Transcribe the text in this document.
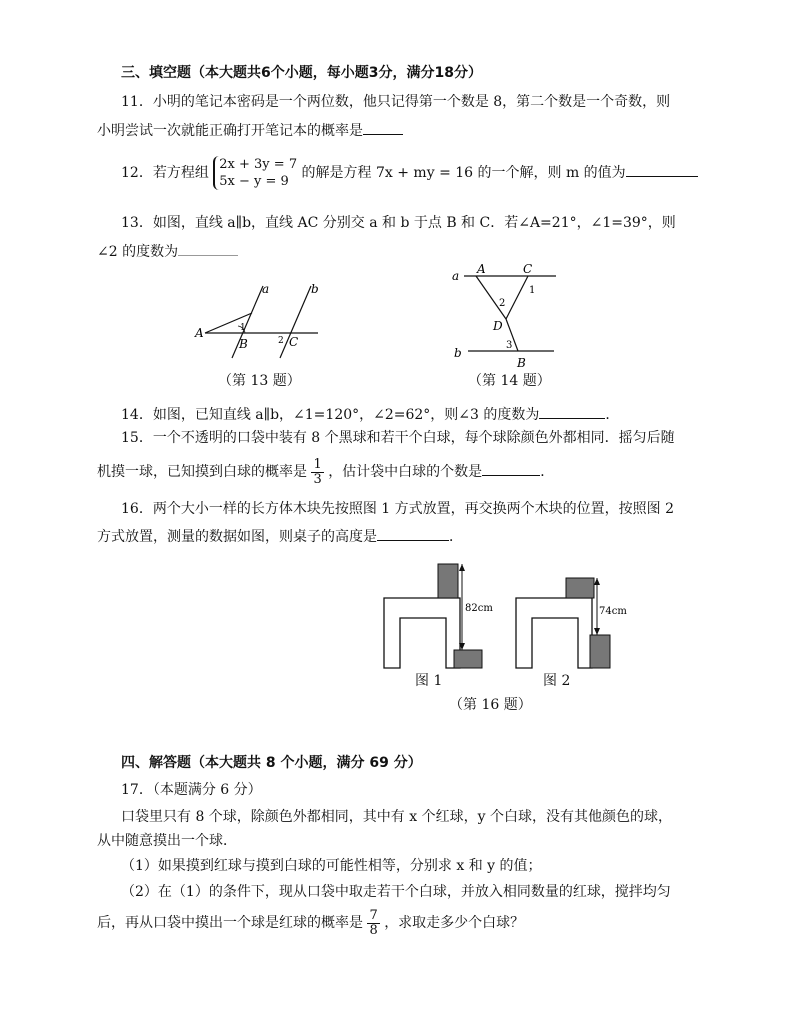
三、填空题（本大题共6个小题，每小题3分，满分18分）
11．小明的笔记本密码是一个两位数，他只记得第一个数是 8，第二个数是一个奇数，则
小明尝试一次就能正确打开笔记本的概率是
12．若方程组
2x + 3y = 7
5x − y = 9
的解是方程 7x + my = 16 的一个解，则 m 的值为
13．如图，直线 a∥b，直线 AC 分别交 a 和 b 于点 B 和 C．若∠A=21°，∠1=39°，则
∠2 的度数为
a	b
A
B	C
1
2
（第 13 题）
a
b
A	C
D
B
1
2
3
（第 14 题）
14．如图，已知直线 a∥b，∠1=120°，∠2=62°，则∠3 的度数为	．
15．一个不透明的口袋中装有 8 个黑球和若干个白球，每个球除颜色外都相同．摇匀后随
机摸一球，已知摸到白球的概率是 $\frac{1}{3}$ ，估计袋中白球的个数是	．
16．两个大小一样的长方体木块先按照图 1 方式放置，再交换两个木块的位置，按照图 2
方式放置，测量的数据如图，则桌子的高度是	．
82cm	74cm
图 1	图 2
（第 16 题）
四、解答题（本大题共 8 个小题，满分 69 分）
17．（本题满分 6 分）
口袋里只有 8 个球，除颜色外都相同，其中有 x 个红球，y 个白球，没有其他颜色的球，
从中随意摸出一个球．
（1）如果摸到红球与摸到白球的可能性相等，分别求 x 和 y 的值；
（2）在（1）的条件下，现从口袋中取走若干个白球，并放入相同数量的红球，搅拌均匀
后，再从口袋中摸出一个球是红球的概率是 $\frac{7}{8}$ ，求取走多少个白球？
